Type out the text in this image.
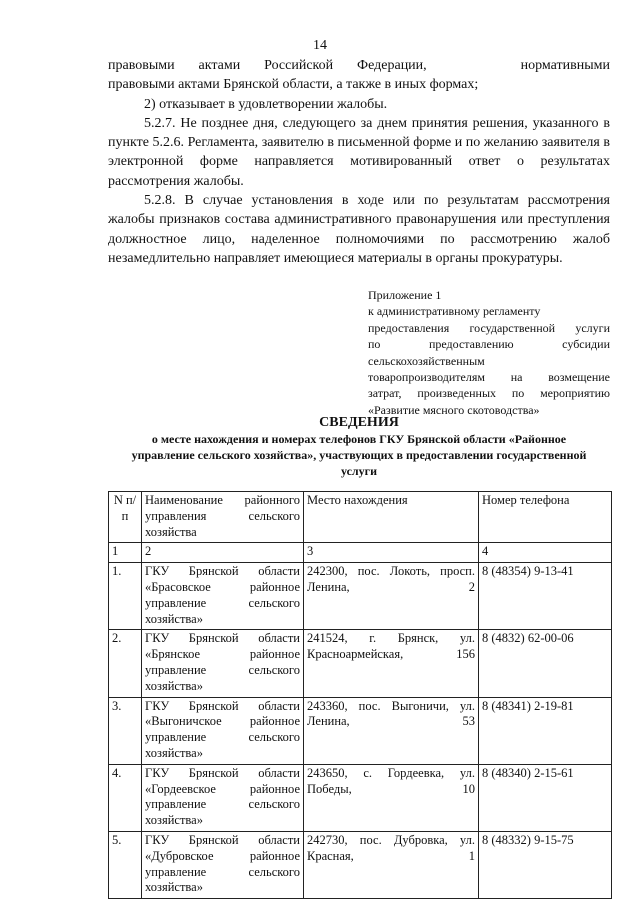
14

правовыми актами Российской Федерации,	нормативными

правовыми актами Брянской области, а также в иных формах;

2) отказывает в удовлетворении жалобы.

5.2.7. Не позднее дня, следующего за днем принятия решения, указанного в пункте 5.2.6. Регламента, заявителю в письменной форме и по желанию заявителя в электронной форме направляется мотивированный ответ о результатах рассмотрения жалобы.

5.2.8. В случае установления в ходе или по результатам рассмотрения жалобы признаков состава административного правонарушения или преступления должностное лицо, наделенное полномочиями по рассмотрению жалоб незамедлительно направляет имеющиеся материалы в органы прокуратуры.

Приложение 1
к административному регламенту
предоставления государственной услуги
по предоставлению субсидии
сельскохозяйственным
товаропроизводителям на возмещение
затрат, произведенных по мероприятию
«Развитие мясного скотоводства»

СВЕДЕНИЯ

о месте нахождения и номерах телефонов ГКУ Брянской области «Районное управление сельского хозяйства», участвующих в предоставлении государственной услуги

N п/п	Наименование районного управления сельского хозяйства	Место нахождения	Номер телефона
1	2	3	4
1.	ГКУ Брянской области «Брасовское районное управление сельского хозяйства»	242300, пос. Локоть, просп. Ленина, 2	8 (48354) 9-13-41
2.	ГКУ Брянской области «Брянское районное управление сельского хозяйства»	241524, г. Брянск, ул. Красноармейская, 156	8 (4832) 62-00-06
3.	ГКУ Брянской области «Выгоничское районное управление сельского хозяйства»	243360, пос. Выгоничи, ул. Ленина, 53	8 (48341) 2-19-81
4.	ГКУ Брянской области «Гордеевское районное управление сельского хозяйства»	243650, с. Гордеевка, ул. Победы, 10	8 (48340) 2-15-61
5.	ГКУ Брянской области «Дубровское районное управление сельского хозяйства»	242730, пос. Дубровка, ул. Красная, 1	8 (48332) 9-15-75
